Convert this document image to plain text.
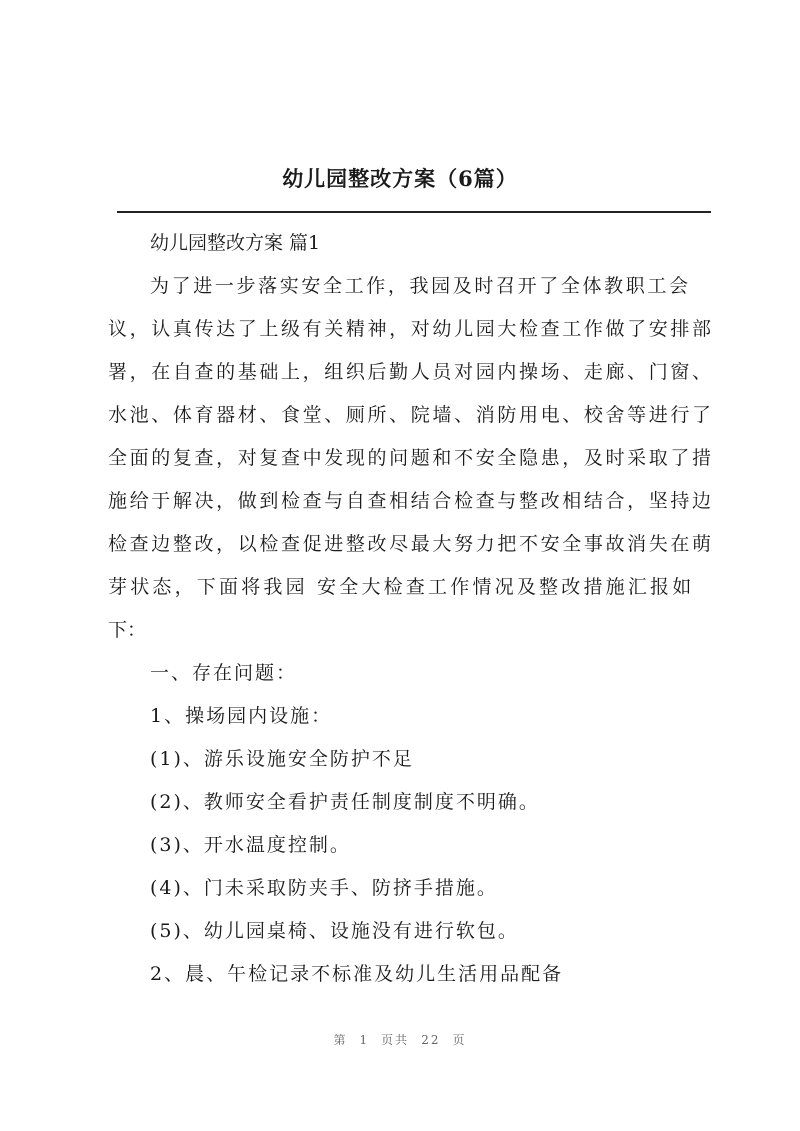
幼儿园整改方案（6篇）
幼儿园整改方案 篇1
为了进一步落实安全工作，我园及时召开了全体教职工会
议，认真传达了上级有关精神，对幼儿园大检查工作做了安排部
署，在自查的基础上，组织后勤人员对园内操场、走廊、门窗、
水池、体育器材、食堂、厕所、院墙、消防用电、校舍等进行了
全面的复查，对复查中发现的问题和不安全隐患，及时采取了措
施给于解决，做到检查与自查相结合检查与整改相结合，坚持边
检查边整改，以检查促进整改尽最大努力把不安全事故消失在萌
芽状态，下面将我园 安全大检查工作情况及整改措施汇报如
下：
一、存在问题：
1、操场园内设施：
(1)、游乐设施安全防护不足
(2)、教师安全看护责任制度制度不明确。
(3)、开水温度控制。
(4)、门未采取防夹手、防挤手措施。
(5)、幼儿园桌椅、设施没有进行软包。
2、晨、午检记录不标准及幼儿生活用品配备
第 1 页共 22 页
